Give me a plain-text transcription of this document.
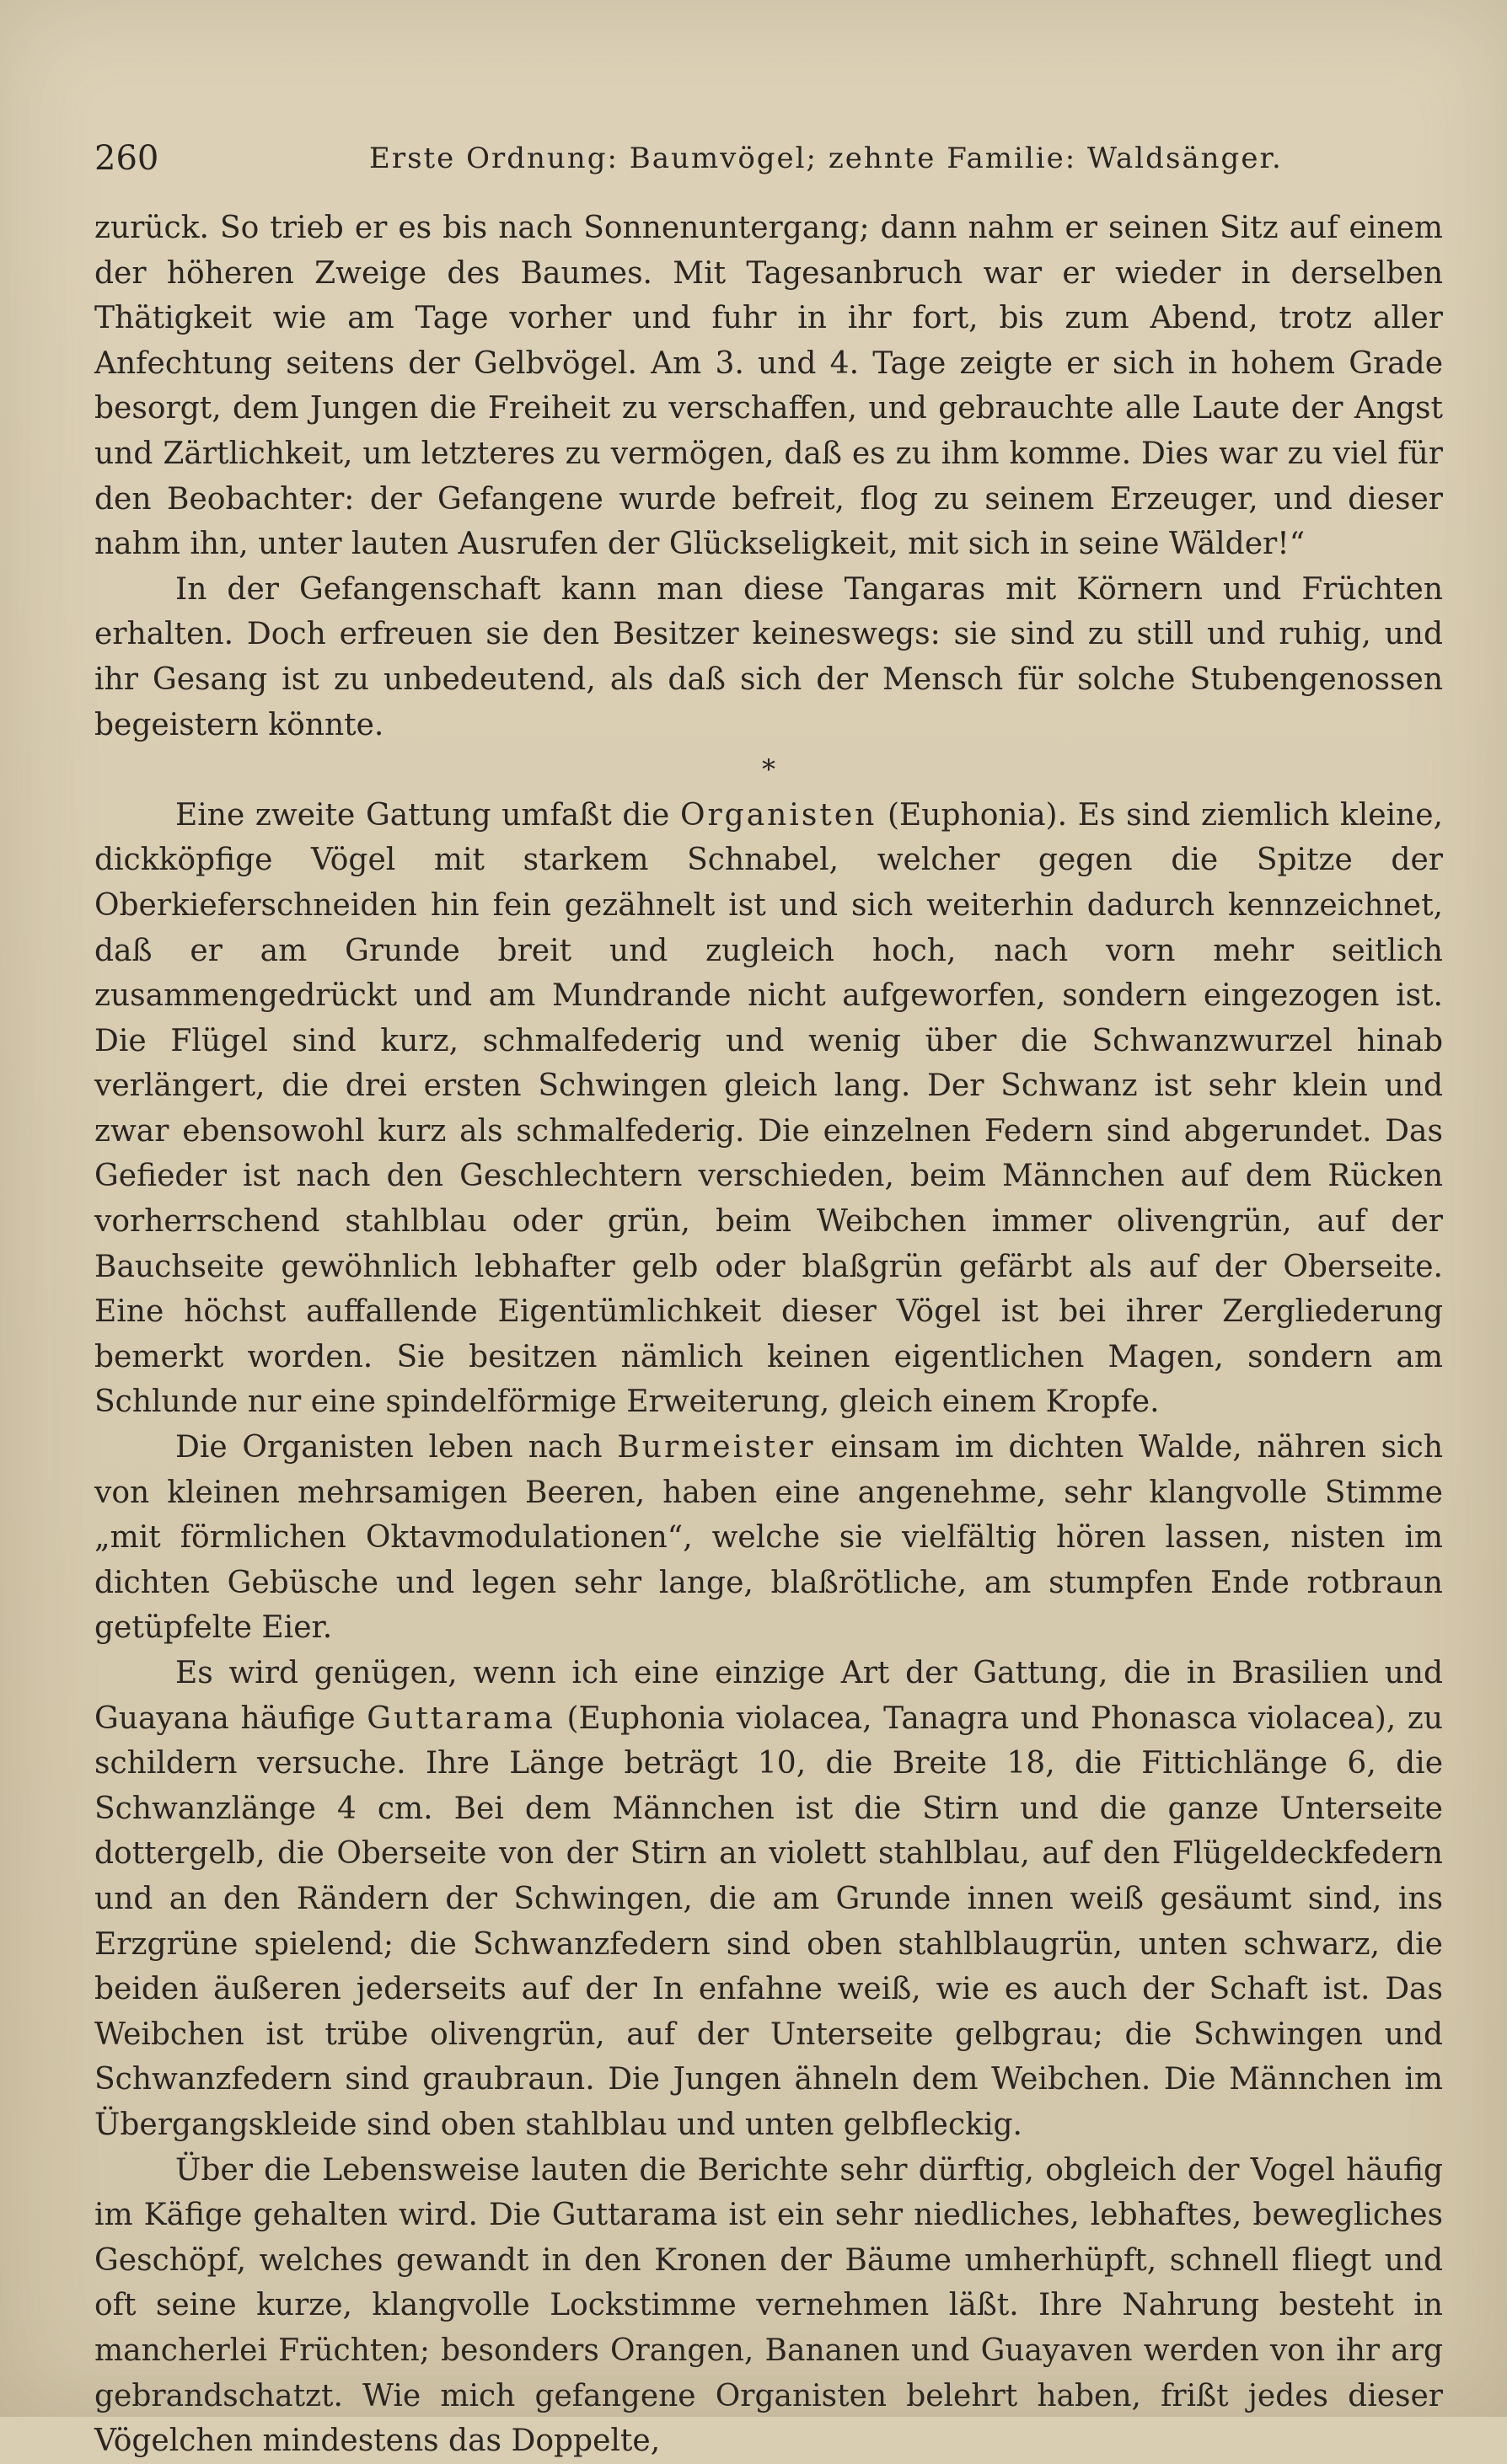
260	Erste Ordnung: Baumvögel; zehnte Familie: Waldsänger.

zurück. So trieb er es bis nach Sonnenuntergang; dann nahm er seinen Sitz auf einem der höheren Zweige des Baumes. Mit Tagesanbruch war er wieder in derselben Thätigkeit wie am Tage vorher und fuhr in ihr fort, bis zum Abend, trotz aller Anfechtung seitens der Gelbvögel. Am 3. und 4. Tage zeigte er sich in hohem Grade besorgt, dem Jungen die Freiheit zu verschaffen, und gebrauchte alle Laute der Angst und Zärtlichkeit, um letzteres zu vermögen, daß es zu ihm komme. Dies war zu viel für den Beobachter: der Gefangene wurde befreit, flog zu seinem Erzeuger, und dieser nahm ihn, unter lauten Ausrufen der Glückseligkeit, mit sich in seine Wälder!“

In der Gefangenschaft kann man diese Tangaras mit Körnern und Früchten erhalten. Doch erfreuen sie den Besitzer keineswegs: sie sind zu still und ruhig, und ihr Gesang ist zu unbedeutend, als daß sich der Mensch für solche Stubengenossen begeistern könnte.

*

Eine zweite Gattung umfaßt die Organisten (Euphonia). Es sind ziemlich kleine, dickköpfige Vögel mit starkem Schnabel, welcher gegen die Spitze der Oberkieferschneiden hin fein gezähnelt ist und sich weiterhin dadurch kennzeichnet, daß er am Grunde breit und zugleich hoch, nach vorn mehr seitlich zusammengedrückt und am Mundrande nicht aufgeworfen, sondern eingezogen ist. Die Flügel sind kurz, schmalfederig und wenig über die Schwanzwurzel hinab verlängert, die drei ersten Schwingen gleich lang. Der Schwanz ist sehr klein und zwar ebensowohl kurz als schmalfederig. Die einzelnen Federn sind abgerundet. Das Gefieder ist nach den Geschlechtern verschieden, beim Männchen auf dem Rücken vorherrschend stahlblau oder grün, beim Weibchen immer olivengrün, auf der Bauchseite gewöhnlich lebhafter gelb oder blaßgrün gefärbt als auf der Oberseite. Eine höchst auffallende Eigentümlichkeit dieser Vögel ist bei ihrer Zergliederung bemerkt worden. Sie besitzen nämlich keinen eigentlichen Magen, sondern am Schlunde nur eine spindelförmige Erweiterung, gleich einem Kropfe.

Die Organisten leben nach Burmeister einsam im dichten Walde, nähren sich von kleinen mehrsamigen Beeren, haben eine angenehme, sehr klangvolle Stimme „mit förmlichen Oktavmodulationen“, welche sie vielfältig hören lassen, nisten im dichten Gebüsche und legen sehr lange, blaßrötliche, am stumpfen Ende rotbraun getüpfelte Eier.

Es wird genügen, wenn ich eine einzige Art der Gattung, die in Brasilien und Guayana häufige Guttarama (Euphonia violacea, Tanagra und Phonasca violacea), zu schildern versuche. Ihre Länge beträgt 10, die Breite 18, die Fittichlänge 6, die Schwanzlänge 4 cm. Bei dem Männchen ist die Stirn und die ganze Unterseite dottergelb, die Oberseite von der Stirn an violett stahlblau, auf den Flügeldeckfedern und an den Rändern der Schwingen, die am Grunde innen weiß gesäumt sind, ins Erzgrüne spielend; die Schwanzfedern sind oben stahlblaugrün, unten schwarz, die beiden äußeren jederseits auf der In enfahne weiß, wie es auch der Schaft ist. Das Weibchen ist trübe olivengrün, auf der Unterseite gelbgrau; die Schwingen und Schwanzfedern sind graubraun. Die Jungen ähneln dem Weibchen. Die Männchen im Übergangskleide sind oben stahlblau und unten gelbfleckig.

Über die Lebensweise lauten die Berichte sehr dürftig, obgleich der Vogel häufig im Käfige gehalten wird. Die Guttarama ist ein sehr niedliches, lebhaftes, bewegliches Geschöpf, welches gewandt in den Kronen der Bäume umherhüpft, schnell fliegt und oft seine kurze, klangvolle Lockstimme vernehmen läßt. Ihre Nahrung besteht in mancherlei Früchten; besonders Orangen, Bananen und Guayaven werden von ihr arg gebrandschatzt. Wie mich gefangene Organisten belehrt haben, frißt jedes dieser Vögelchen mindestens das Doppelte,
